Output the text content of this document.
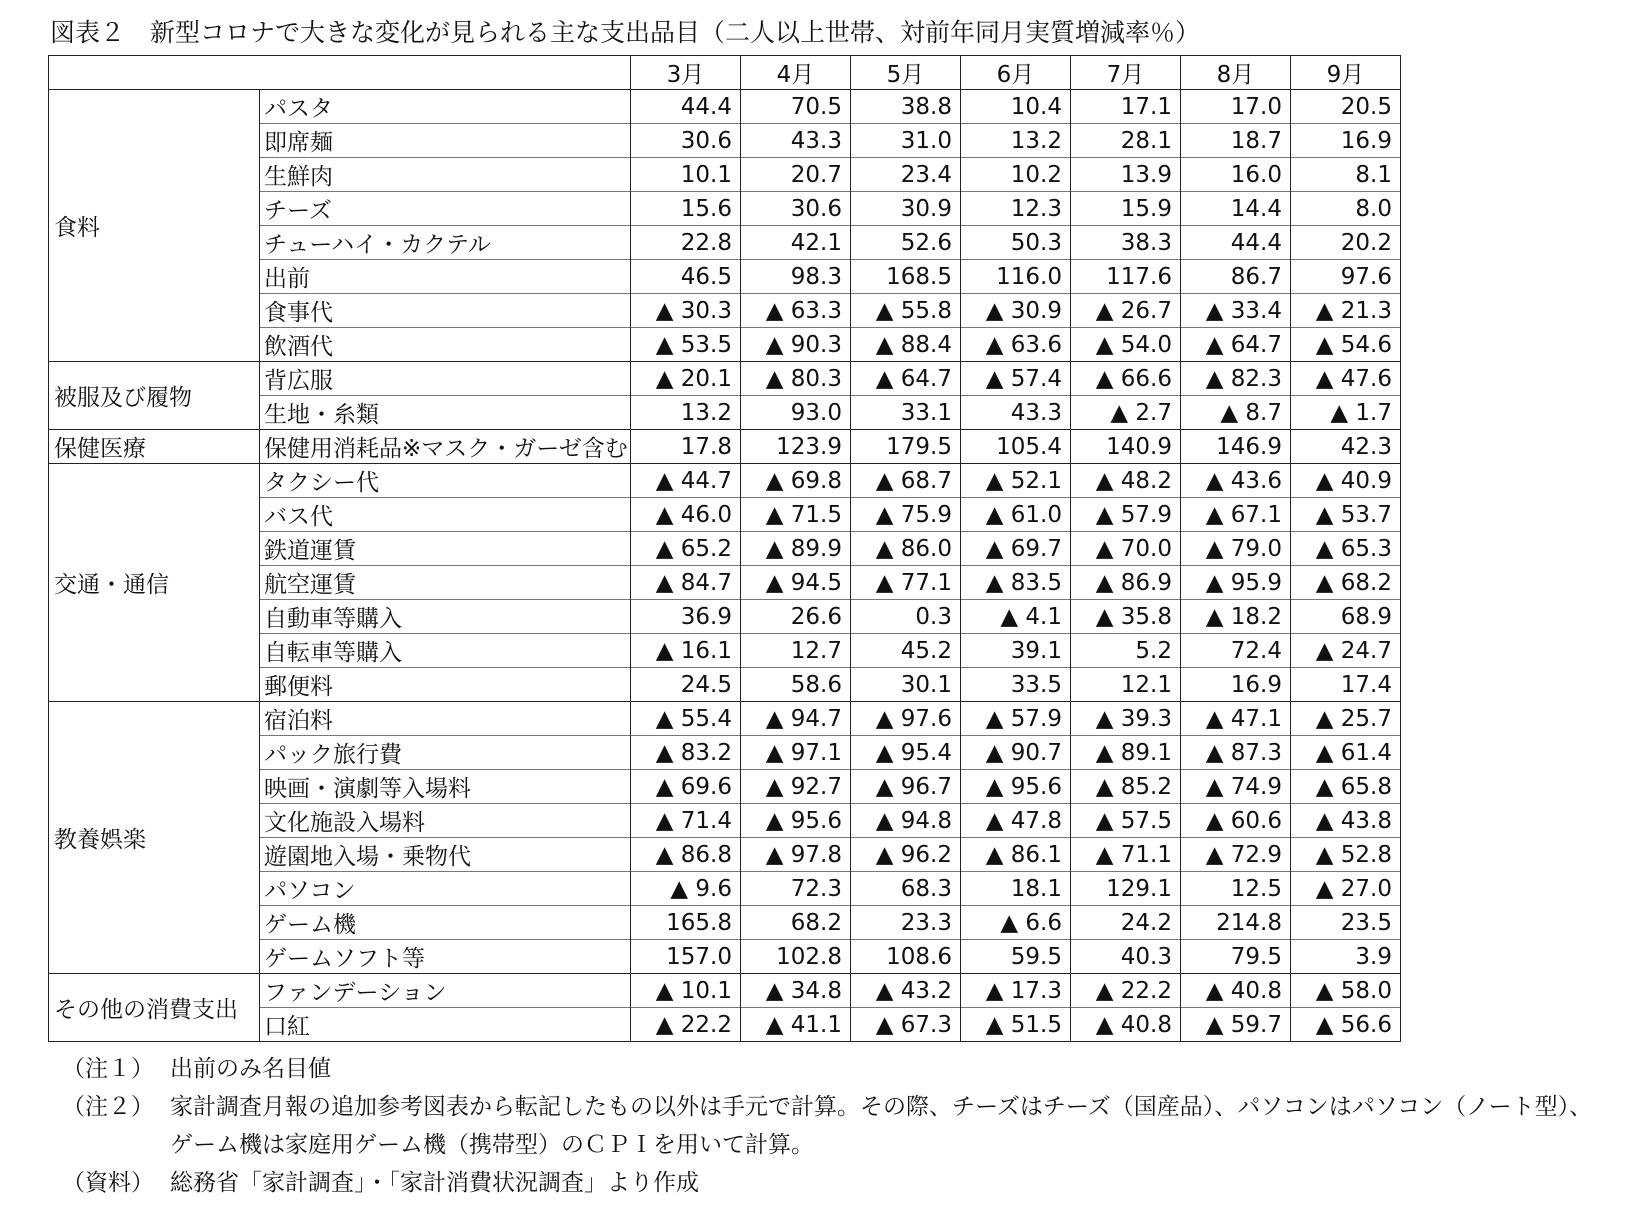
図表２　新型コロナで大きな変化が見られる主な支出品目（二人以上世帯、対前年同月実質増減率％）
		3月	4月	5月	6月	7月	8月	9月
食料	パスタ	44.4	70.5	38.8	10.4	17.1	17.0	20.5
	即席麺	30.6	43.3	31.0	13.2	28.1	18.7	16.9
	生鮮肉	10.1	20.7	23.4	10.2	13.9	16.0	8.1
	チーズ	15.6	30.6	30.9	12.3	15.9	14.4	8.0
	チューハイ・カクテル	22.8	42.1	52.6	50.3	38.3	44.4	20.2
	出前	46.5	98.3	168.5	116.0	117.6	86.7	97.6
	食事代	▲ 30.3	▲ 63.3	▲ 55.8	▲ 30.9	▲ 26.7	▲ 33.4	▲ 21.3
	飲酒代	▲ 53.5	▲ 90.3	▲ 88.4	▲ 63.6	▲ 54.0	▲ 64.7	▲ 54.6
被服及び履物	背広服	▲ 20.1	▲ 80.3	▲ 64.7	▲ 57.4	▲ 66.6	▲ 82.3	▲ 47.6
	生地・糸類	13.2	93.0	33.1	43.3	▲ 2.7	▲ 8.7	▲ 1.7
保健医療	保健用消耗品※マスク・ガーゼ含む	17.8	123.9	179.5	105.4	140.9	146.9	42.3
交通・通信	タクシー代	▲ 44.7	▲ 69.8	▲ 68.7	▲ 52.1	▲ 48.2	▲ 43.6	▲ 40.9
	バス代	▲ 46.0	▲ 71.5	▲ 75.9	▲ 61.0	▲ 57.9	▲ 67.1	▲ 53.7
	鉄道運賃	▲ 65.2	▲ 89.9	▲ 86.0	▲ 69.7	▲ 70.0	▲ 79.0	▲ 65.3
	航空運賃	▲ 84.7	▲ 94.5	▲ 77.1	▲ 83.5	▲ 86.9	▲ 95.9	▲ 68.2
	自動車等購入	36.9	26.6	0.3	▲ 4.1	▲ 35.8	▲ 18.2	68.9
	自転車等購入	▲ 16.1	12.7	45.2	39.1	5.2	72.4	▲ 24.7
	郵便料	24.5	58.6	30.1	33.5	12.1	16.9	17.4
教養娯楽	宿泊料	▲ 55.4	▲ 94.7	▲ 97.6	▲ 57.9	▲ 39.3	▲ 47.1	▲ 25.7
	パック旅行費	▲ 83.2	▲ 97.1	▲ 95.4	▲ 90.7	▲ 89.1	▲ 87.3	▲ 61.4
	映画・演劇等入場料	▲ 69.6	▲ 92.7	▲ 96.7	▲ 95.6	▲ 85.2	▲ 74.9	▲ 65.8
	文化施設入場料	▲ 71.4	▲ 95.6	▲ 94.8	▲ 47.8	▲ 57.5	▲ 60.6	▲ 43.8
	遊園地入場・乗物代	▲ 86.8	▲ 97.8	▲ 96.2	▲ 86.1	▲ 71.1	▲ 72.9	▲ 52.8
	パソコン	▲ 9.6	72.3	68.3	18.1	129.1	12.5	▲ 27.0
	ゲーム機	165.8	68.2	23.3	▲ 6.6	24.2	214.8	23.5
	ゲームソフト等	157.0	102.8	108.6	59.5	40.3	79.5	3.9
その他の消費支出	ファンデーション	▲ 10.1	▲ 34.8	▲ 43.2	▲ 17.3	▲ 22.2	▲ 40.8	▲ 58.0
	口紅	▲ 22.2	▲ 41.1	▲ 67.3	▲ 51.5	▲ 40.8	▲ 59.7	▲ 56.6
（注１） 出前のみ名目値
（注２） 家計調査月報の追加参考図表から転記したもの以外は手元で計算。その際、チーズはチーズ（国産品）、パソコンはパソコン（ノート型）、ゲーム機は家庭用ゲーム機（携帯型）のＣＰＩを用いて計算。
（資料） 総務省「家計調査」・「家計消費状況調査」より作成
